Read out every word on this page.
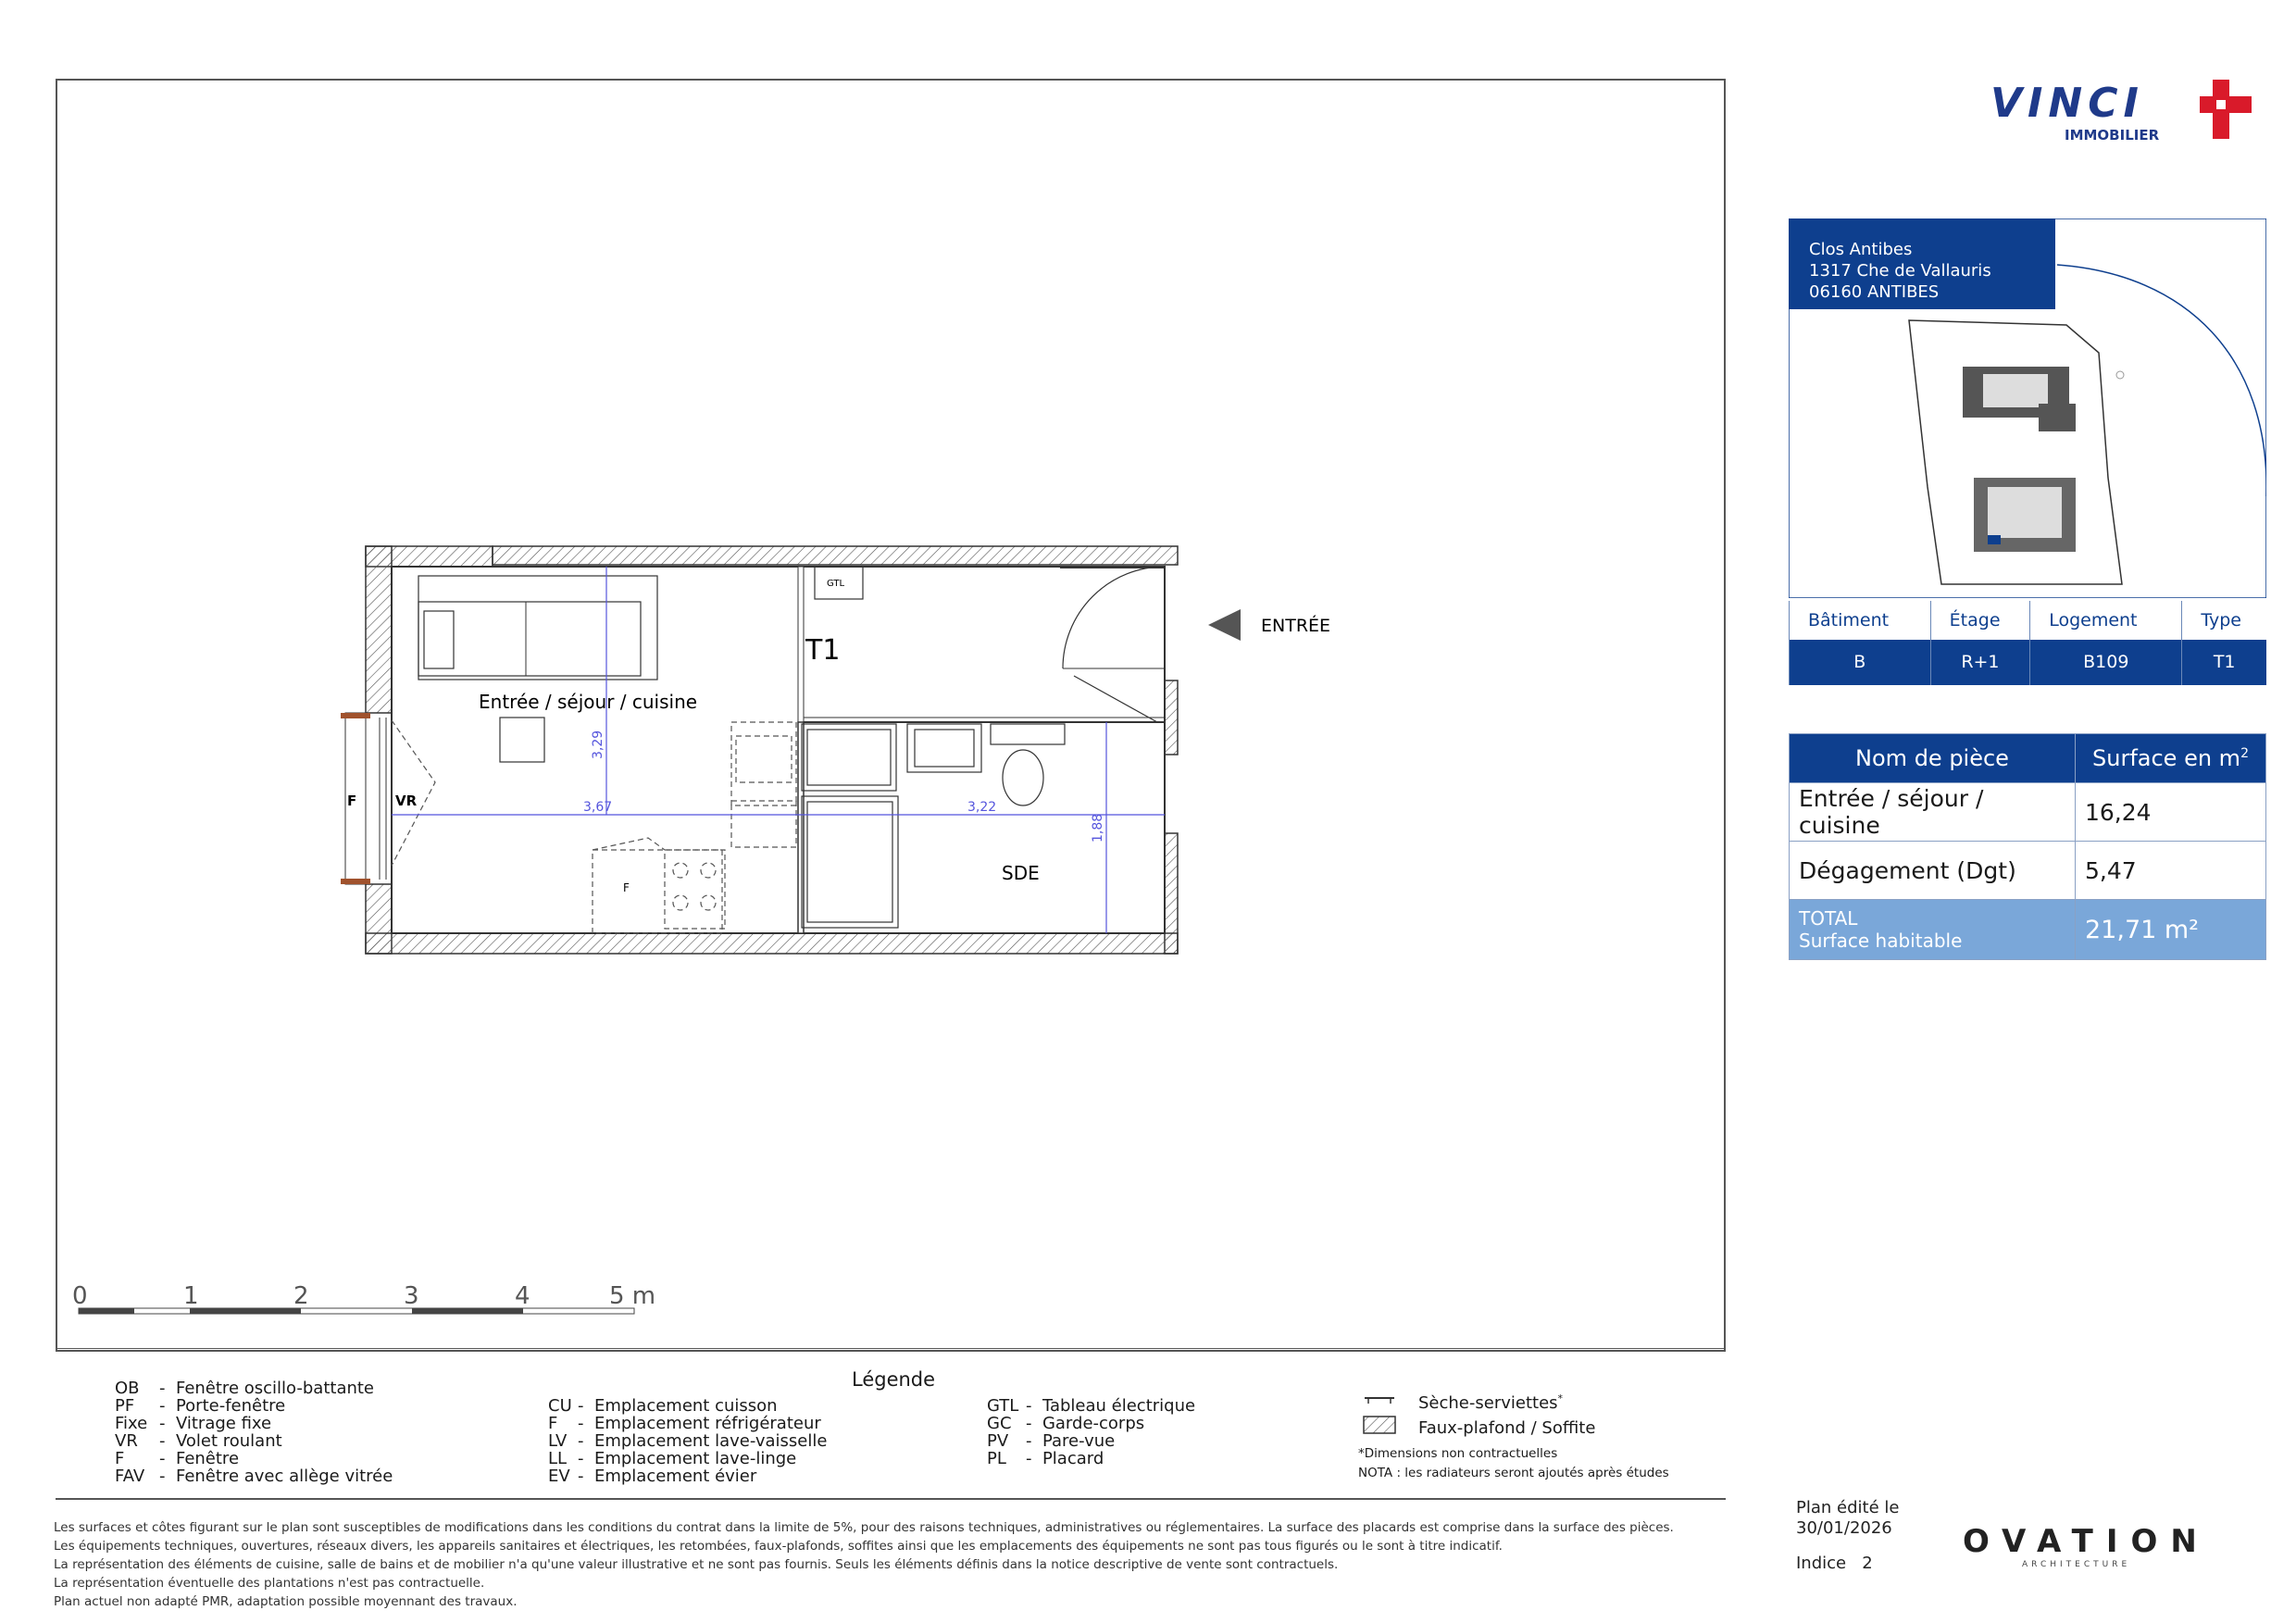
F	VR
F
GTL
3,29
3,67	3,22
1,88
T1
Entrée / séjour / cuisine
SDE
ENTRÉE
0	1	2	3	4	5 m
Légende
OB -  Fenêtre oscillo-battante
PF -  Porte-fenêtre
Fixe -  Vitrage fixe
VR -  Volet roulant
F -  Fenêtre
FAV -  Fenêtre avec allège vitrée
CU -  Emplacement cuisson
F -  Emplacement réfrigérateur
LV -  Emplacement lave-vaisselle
LL -  Emplacement lave-linge
EV -  Emplacement évier
GTL -  Tableau électrique
GC -  Garde-corps
PV -  Pare-vue
PL -  Placard
Sèche-serviettes*
Faux-plafond / Soffite
*Dimensions non contractuelles
NOTA : les radiateurs seront ajoutés après études
Les surfaces et côtes figurant sur le plan sont susceptibles de modifications dans les conditions du contrat dans la limite de 5%, pour des raisons techniques, administratives ou réglementaires. La surface des placards est comprise dans la surface des pièces.
Les équipements techniques, ouvertures, réseaux divers, les appareils sanitaires et électriques, les retombées, faux-plafonds, soffites ainsi que les emplacements des équipements ne sont pas tous figurés ou le sont à titre indicatif.
La représentation des éléments de cuisine, salle de bains et de mobilier n'a qu'une valeur illustrative et ne sont pas fournis. Seuls les éléments définis dans la notice descriptive de vente sont contractuels.
La représentation éventuelle des plantations n'est pas contractuelle.
Plan actuel non adapté PMR, adaptation possible moyennant des travaux.
VINCI
IMMOBILIER
Clos Antibes
1317 Che de Vallauris
06160 ANTIBES
Bâtiment	Étage	Logement	Type
B	R+1	B109	T1
Nom de pièce	Surface en $m^2$
Entrée / séjour / cuisine	16,24
Dégagement (Dgt)	5,47

TOTAL
Surface habitable	21,71 m²
Plan édité le
30/01/2026
Indice 2
OVATION
ARCHITECTURE
